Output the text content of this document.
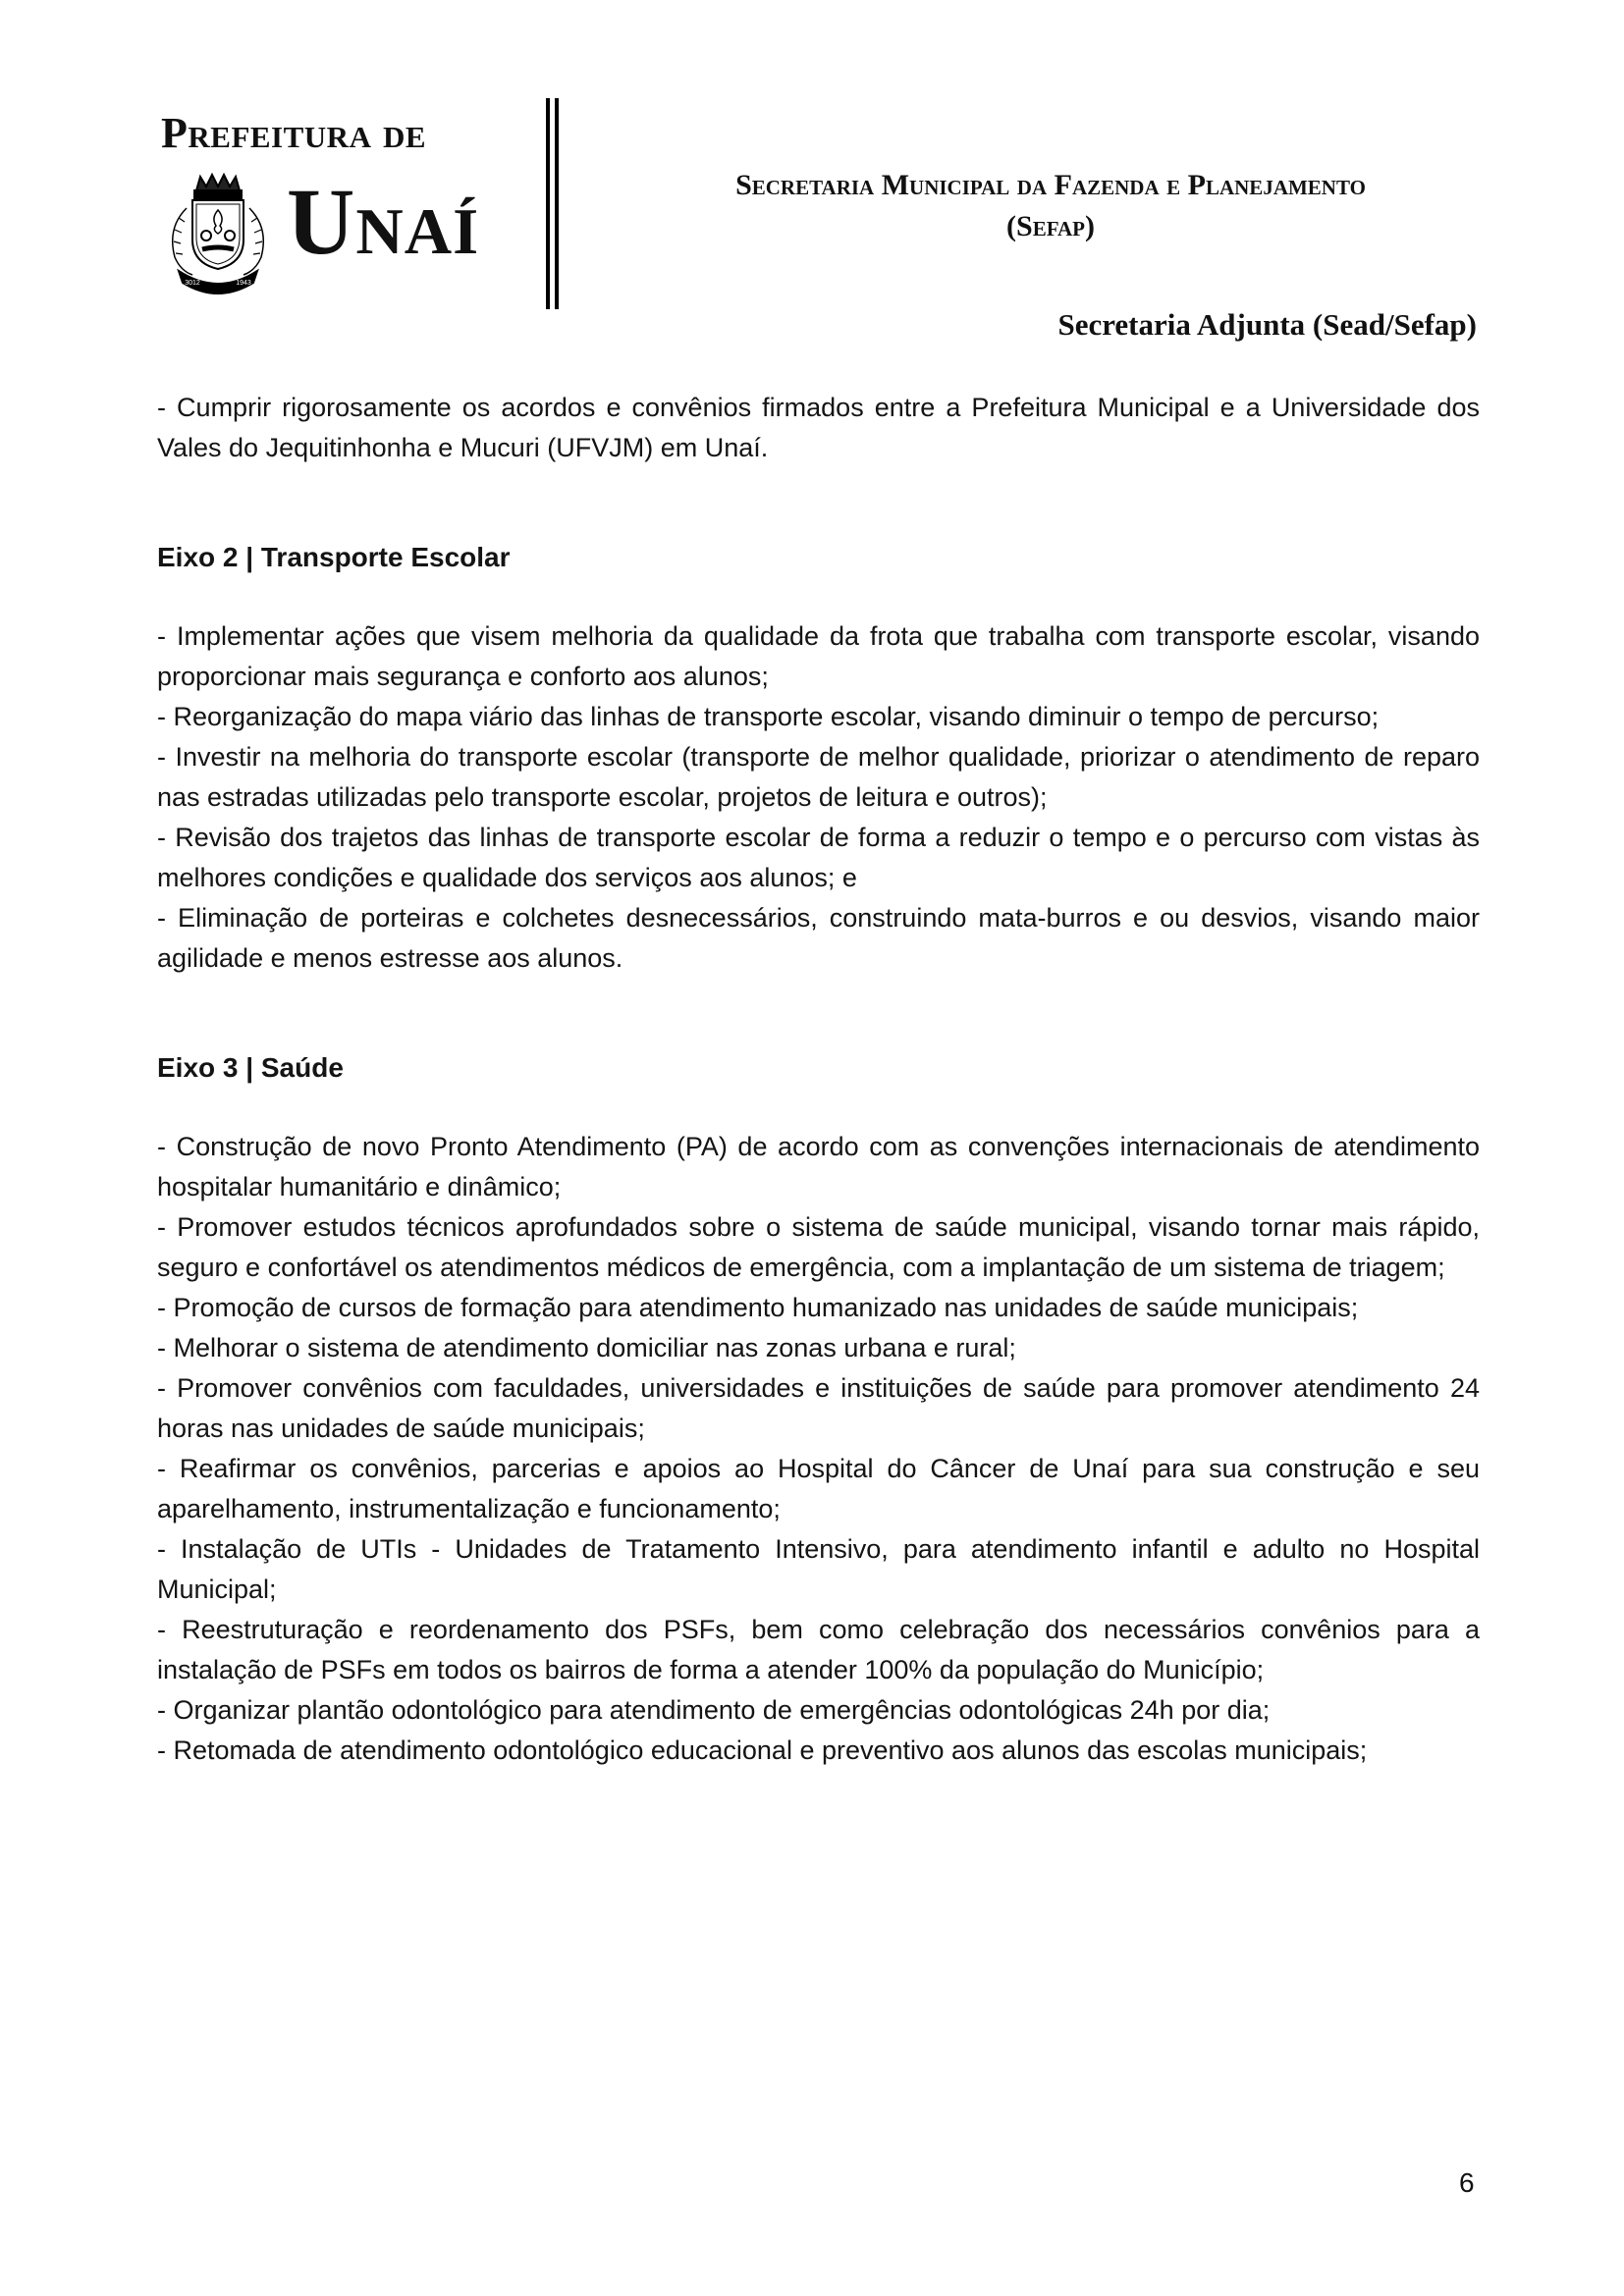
Prefeitura de
UNAÍ
3012	1943
Unaí	Secretaria Municipal da Fazenda e Planejamento
(Sefap)
Secretaria Adjunta (Sead/Sefap)

- Cumprir rigorosamente os acordos e convênios firmados entre a Prefeitura Municipal e a Universidade dos Vales do Jequitinhonha e Mucuri (UFVJM) em Unaí.

Eixo 2 | Transporte Escolar

- Implementar ações que visem melhoria da qualidade da frota que trabalha com transporte escolar, visando proporcionar mais segurança e conforto aos alunos;

- Reorganização do mapa viário das linhas de transporte escolar, visando diminuir o tempo de percurso;

- Investir na melhoria do transporte escolar (transporte de melhor qualidade, priorizar o atendimento de reparo nas estradas utilizadas pelo transporte escolar, projetos de leitura e outros);

- Revisão dos trajetos das linhas de transporte escolar de forma a reduzir o tempo e o percurso com vistas às melhores condições e qualidade dos serviços aos alunos; e

- Eliminação de porteiras e colchetes desnecessários, construindo mata-burros e ou desvios, visando maior agilidade e menos estresse aos alunos.

Eixo 3 | Saúde

- Construção de novo Pronto Atendimento (PA) de acordo com as convenções internacionais de atendimento hospitalar humanitário e dinâmico;

- Promover estudos técnicos aprofundados sobre o sistema de saúde municipal, visando tornar mais rápido, seguro e confortável os atendimentos médicos de emergência, com a implantação de um sistema de triagem;

- Promoção de cursos de formação para atendimento humanizado nas unidades de saúde municipais;

- Melhorar o sistema de atendimento domiciliar nas zonas urbana e rural;

- Promover convênios com faculdades, universidades e instituições de saúde para promover atendimento 24 horas nas unidades de saúde municipais;

- Reafirmar os convênios, parcerias e apoios ao Hospital do Câncer de Unaí para sua construção e seu aparelhamento, instrumentalização e funcionamento;

- Instalação de UTIs - Unidades de Tratamento Intensivo, para atendimento infantil e adulto no Hospital Municipal;

- Reestruturação e reordenamento dos PSFs, bem como celebração dos necessários convênios para a instalação de PSFs em todos os bairros de forma a atender 100% da população do Município;

- Organizar plantão odontológico para atendimento de emergências odontológicas 24h por dia;

- Retomada de atendimento odontológico educacional e preventivo aos alunos das escolas municipais;

6
